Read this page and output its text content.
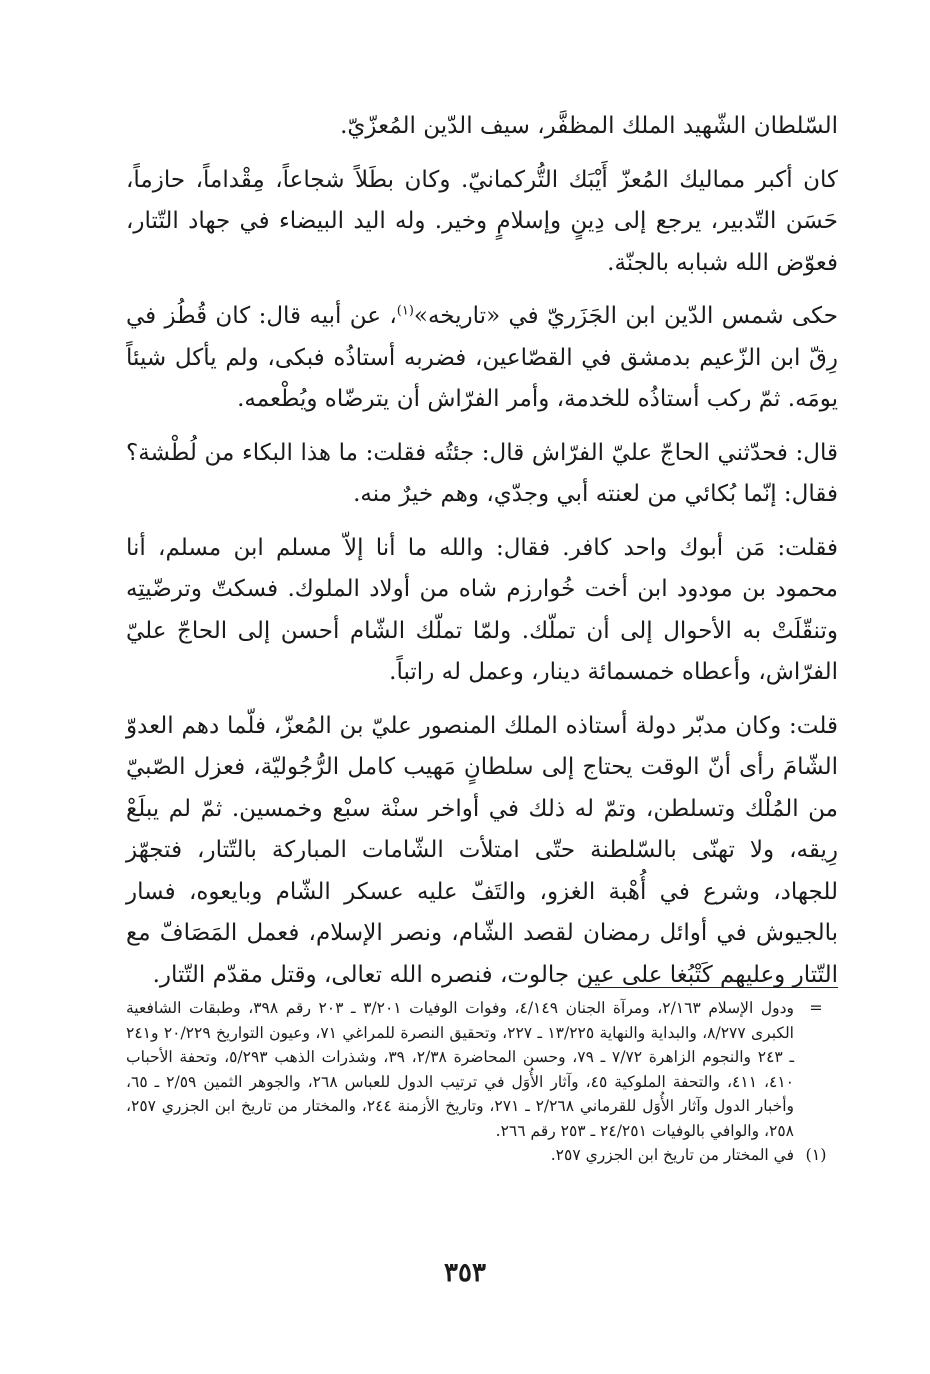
السّلطان الشّهيد الملك المظفَّر، سيف الدّين المُعزّيّ.

كان أكبر مماليك المُعزّ أَيْبَك التُّركمانيّ. وكان بطَلاً شجاعاً، مِقْداماً، حازماً، حَسَن التّدبير، يرجع إلى دِينٍ وإسلامٍ وخير. وله اليد البيضاء في جهاد التّتار، فعوّض الله شبابه بالجنّة.

حكى شمس الدّين ابن الجَزَريّ في «تاريخه»$^{(١)}$، عن أبيه قال: كان قُطُز في رِقّ ابن الزّعيم بدمشق في القصّاعين، فضربه أستاذُه فبكى، ولم يأكل شيئاً يومَه. ثمّ ركب أستاذُه للخدمة، وأمر الفرّاش أن يترضّاه ويُطْعمه.

قال: فحدّثني الحاجّ عليّ الفرّاش قال: جئتُه فقلت: ما هذا البكاء من لُطْشة؟ فقال: إنّما بُكائي من لعنته أبي وجدّي، وهم خيرٌ منه.

فقلت: مَن أبوك واحد كافر. فقال: والله ما أنا إلاّ مسلم ابن مسلم، أنا محمود بن مودود ابن أخت خُوارزم شاه من أولاد الملوك. فسكتّ وترضّيتِه وتنقّلَتْ به الأحوال إلى أن تملّك. ولمّا تملّك الشّام أحسن إلى الحاجّ عليّ الفرّاش، وأعطاه خمسمائة دينار، وعمل له راتباً.

قلت: وكان مدبّر دولة أستاذه الملك المنصور عليّ بن المُعزّ، فلّما دهم العدوّ الشّامَ رأى أنّ الوقت يحتاج إلى سلطانٍ مَهيب كامل الرُّجُوليّة، فعزل الصّبيّ من المُلْك وتسلطن، وتمّ له ذلك في أواخر سنْة سبْع وخمسين. ثمّ لم يبلَعْ رِيقه، ولا تهنّى بالسّلطنة حتّى امتلأت الشّامات المباركة بالتّتار، فتجهّز للجهاد، وشرع في أُهْبة الغزو، والتَفّ عليه عسكر الشّام وبايعوه، فسار بالجيوش في أوائل رمضان لقصد الشّام، ونصر الإسلام، فعمل المَصَافّ مع التّتار وعليهم كَتْبُغا على عين جالوت، فنصره الله تعالى، وقتل مقدّم التّتار.

=
ودول الإسلام ٢/١٦٣، ومرآة الجنان ٤/١٤٩، وفوات الوفيات ٣/٢٠١ ـ ٢٠٣ رقم ٣٩٨، وطبقات الشافعية الكبرى ٨/٢٧٧، والبداية والنهاية ١٣/٢٢٥ ـ ٢٢٧، وتحقيق النصرة للمراغي ٧١، وعيون التواريخ ٢٠/٢٢٩ و٢٤١ ـ ٢٤٣ والنجوم الزاهرة ٧/٧٢ ـ ٧٩، وحسن المحاضرة ٢/٣٨، ٣٩، وشذرات الذهب ٥/٢٩٣، وتحفة الأحباب ٤١٠، ٤١١، والتحفة الملوكية ٤٥، وآثار الأُوَل في ترتيب الدول للعباس ٢٦٨، والجوهر الثمين ٢/٥٩ ـ ٦٥، وأخبار الدول وآثار الأُوَل للقرماني ٢/٢٦٨ ـ ٢٧١، وتاريخ الأزمنة ٢٤٤، والمختار من تاريخ ابن الجزري ٢٥٧، ٢٥٨، والوافي بالوفيات ٢٤/٢٥١ ـ ٢٥٣ رقم ٢٦٦.
(١)
في المختار من تاريخ ابن الجزري ٢٥٧.
٣٥٣
